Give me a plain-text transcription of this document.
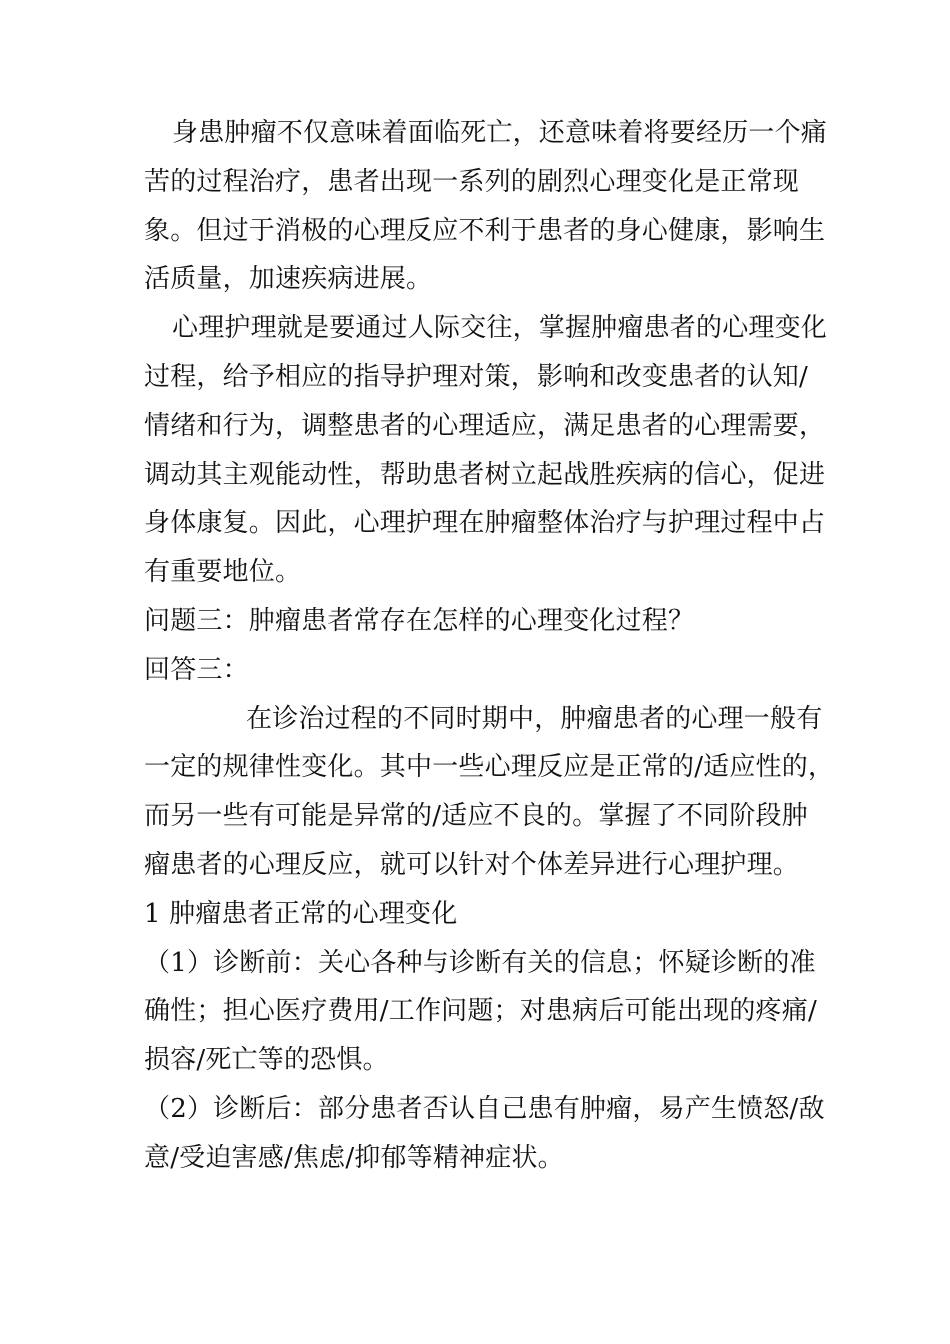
身患肿瘤不仅意味着面临死亡，还意味着将要经历一个痛
苦的过程治疗，患者出现一系列的剧烈心理变化是正常现
象。但过于消极的心理反应不利于患者的身心健康，影响生
活质量，加速疾病进展。
心理护理就是要通过人际交往，掌握肿瘤患者的心理变化
过程，给予相应的指导护理对策，影响和改变患者的认知/
情绪和行为，调整患者的心理适应，满足患者的心理需要，
调动其主观能动性，帮助患者树立起战胜疾病的信心，促进
身体康复。因此，心理护理在肿瘤整体治疗与护理过程中占
有重要地位。
问题三：肿瘤患者常存在怎样的心理变化过程？
回答三：
在诊治过程的不同时期中，肿瘤患者的心理一般有
一定的规律性变化。其中一些心理反应是正常的/适应性的，
而另一些有可能是异常的/适应不良的。掌握了不同阶段肿
瘤患者的心理反应，就可以针对个体差异进行心理护理。
1 肿瘤患者正常的心理变化
（1）诊断前：关心各种与诊断有关的信息；怀疑诊断的准
确性；担心医疗费用/工作问题；对患病后可能出现的疼痛/
损容/死亡等的恐惧。
（2）诊断后：部分患者否认自己患有肿瘤，易产生愤怒/敌
意/受迫害感/焦虑/抑郁等精神症状。
